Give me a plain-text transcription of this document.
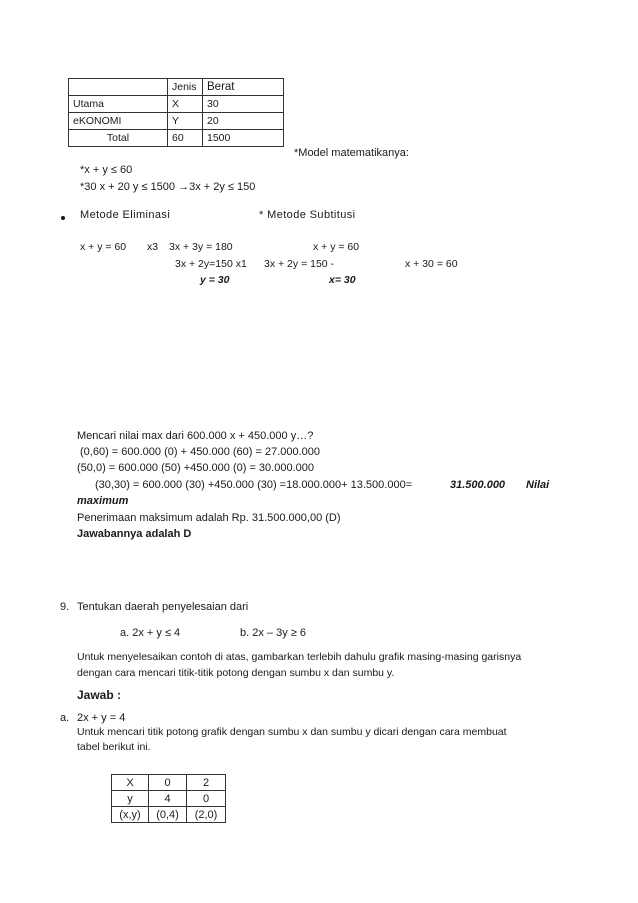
	Jenis	Berat
Utama	X	30
eKONOMI	Y	20
Total	60	1500
*Model matematikanya:
*x + y ≤ 60
*30 x + 20 y ≤ 1500 →3x + 2y ≤ 150
Metode Eliminasi	* Metode Subtitusi
x + y = 60 x3 3x + 3y = 180	x + y = 60
3x + 2y=150 x1 3x + 2y = 150 -	x + 30 = 60
y = 30	x= 30
Mencari nilai max dari 600.000 x + 450.000 y…?
(0,60) = 600.000 (0) + 450.000 (60) = 27.000.000
(50,0) = 600.000 (50) +450.000 (0) = 30.000.000
(30,30) = 600.000 (30) +450.000 (30) =18.000.000+ 13.500.000=	31.500.000 Nilai
maximum
Penerimaan maksimum adalah Rp. 31.500.000,00 (D)
Jawabannya adalah D
9. Tentukan daerah penyelesaian dari
a. 2x + y ≤ 4	b. 2x – 3y ≥ 6
Untuk menyelesaikan contoh di atas, gambarkan terlebih dahulu grafik masing-masing garisnya
dengan cara mencari titik-titik potong dengan sumbu x dan sumbu y.
Jawab :
a. 2x + y = 4
Untuk mencari titik potong grafik dengan sumbu x dan sumbu y dicari dengan cara membuat
tabel berikut ini.
X	0	2
y	4	0
(x,y)	(0,4)	(2,0)
